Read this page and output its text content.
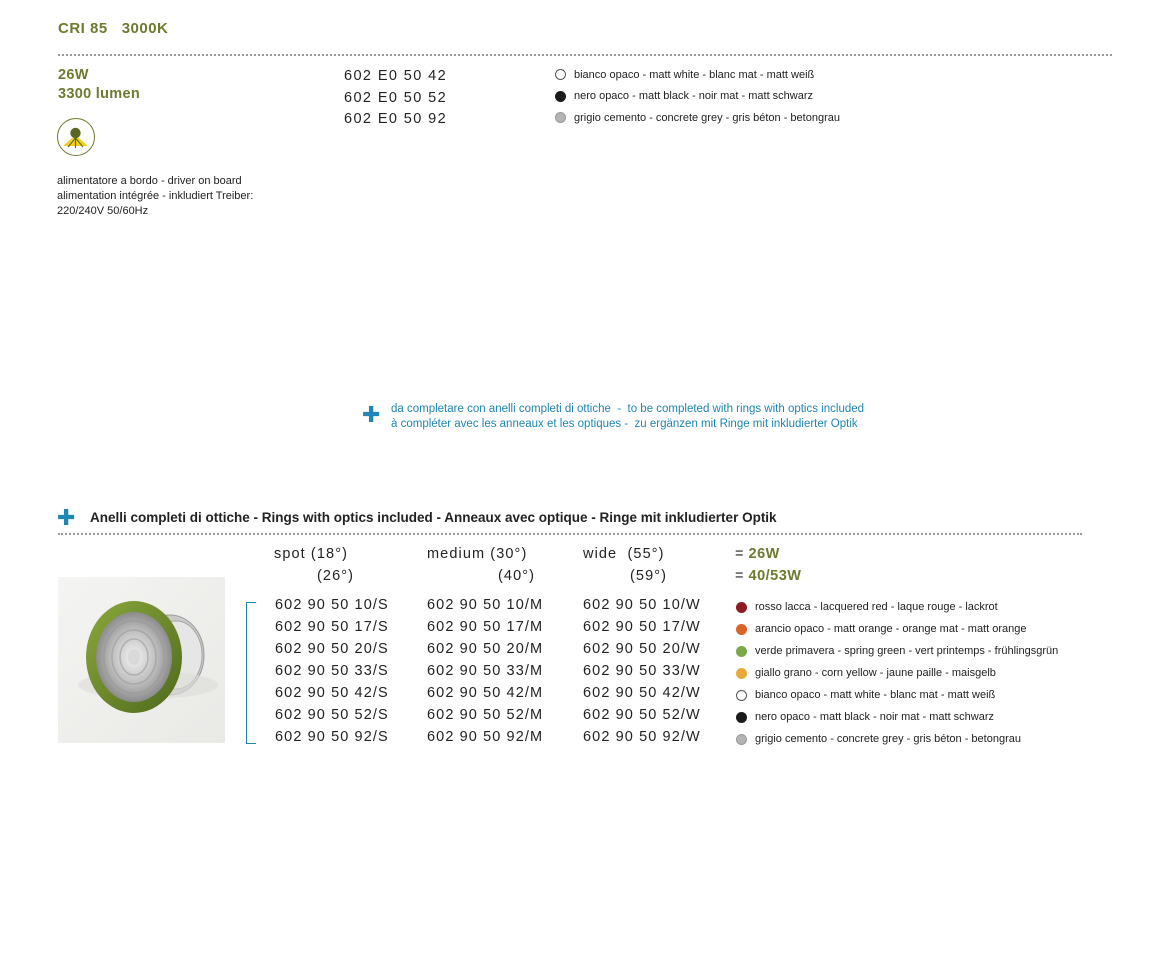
CRI 85 3000K
26W
3300 lumen
alimentatore a bordo - driver on board
alimentation intégrée - inkludiert Treiber:
220/240V 50/60Hz
602 E0 50 42
602 E0 50 52
602 E0 50 92
bianco opaco - matt white - blanc mat - matt weiß
nero opaco - matt black - noir mat - matt schwarz
grigio cemento - concrete grey - gris béton - betongrau
✚ da completare con anelli completi di ottiche  -  to be completed with rings with optics included
à compléter avec les anneaux et les optiques -  zu ergänzen mit Ringe mit inkludierter Optik
✚ Anelli completi di ottiche - Rings with optics included - Anneaux avec optique - Ringe mit inkludierter Optik
spot (18°)
(26°)
medium (30°)
(40°)
wide  (55°)
(59°)
= 26W
= 40/53W
602 90 50 10/S
602 90 50 17/S
602 90 50 20/S
602 90 50 33/S
602 90 50 42/S
602 90 50 52/S
602 90 50 92/S
602 90 50 10/M
602 90 50 17/M
602 90 50 20/M
602 90 50 33/M
602 90 50 42/M
602 90 50 52/M
602 90 50 92/M
602 90 50 10/W
602 90 50 17/W
602 90 50 20/W
602 90 50 33/W
602 90 50 42/W
602 90 50 52/W
602 90 50 92/W
rosso lacca - lacquered red - laque rouge - lackrot
arancio opaco - matt orange - orange mat - matt orange
verde primavera - spring green - vert printemps - frühlingsgrün
giallo grano - corn yellow - jaune paille - maisgelb
bianco opaco - matt white - blanc mat - matt weiß
nero opaco - matt black - noir mat - matt schwarz
grigio cemento - concrete grey - gris béton - betongrau
